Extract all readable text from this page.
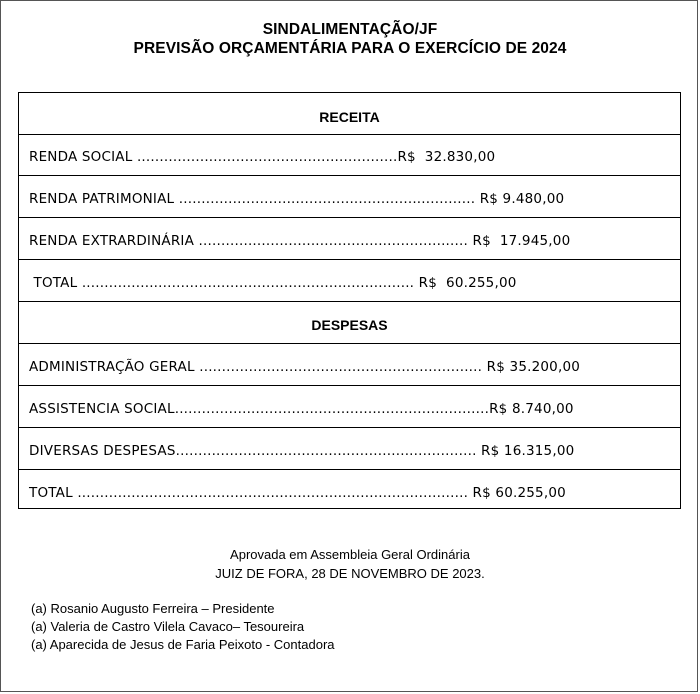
SINDALIMENTAÇÃO/JF
PREVISÃO ORÇAMENTÁRIA PARA O EXERCÍCIO DE 2024
RECEITA
RENDA SOCIAL ..........................................................R$  32.830,00
RENDA PATRIMONIAL .................................................................. R$ 9.480,00
RENDA EXTRARDINÁRIA ............................................................ R$  17.945,00
TOTAL .......................................................................... R$  60.255,00
DESPESAS
ADMINISTRAÇÃO GERAL ............................................................... R$ 35.200,00
ASSISTENCIA SOCIAL......................................................................R$ 8.740,00
DIVERSAS DESPESAS................................................................... R$ 16.315,00
TOTAL ....................................................................................... R$ 60.255,00
Aprovada em Assembleia Geral Ordinária
JUIZ DE FORA, 28 DE NOVEMBRO DE 2023.
(a) Rosanio Augusto Ferreira – Presidente
(a) Valeria de Castro Vilela Cavaco– Tesoureira
(a) Aparecida de Jesus de Faria Peixoto - Contadora
